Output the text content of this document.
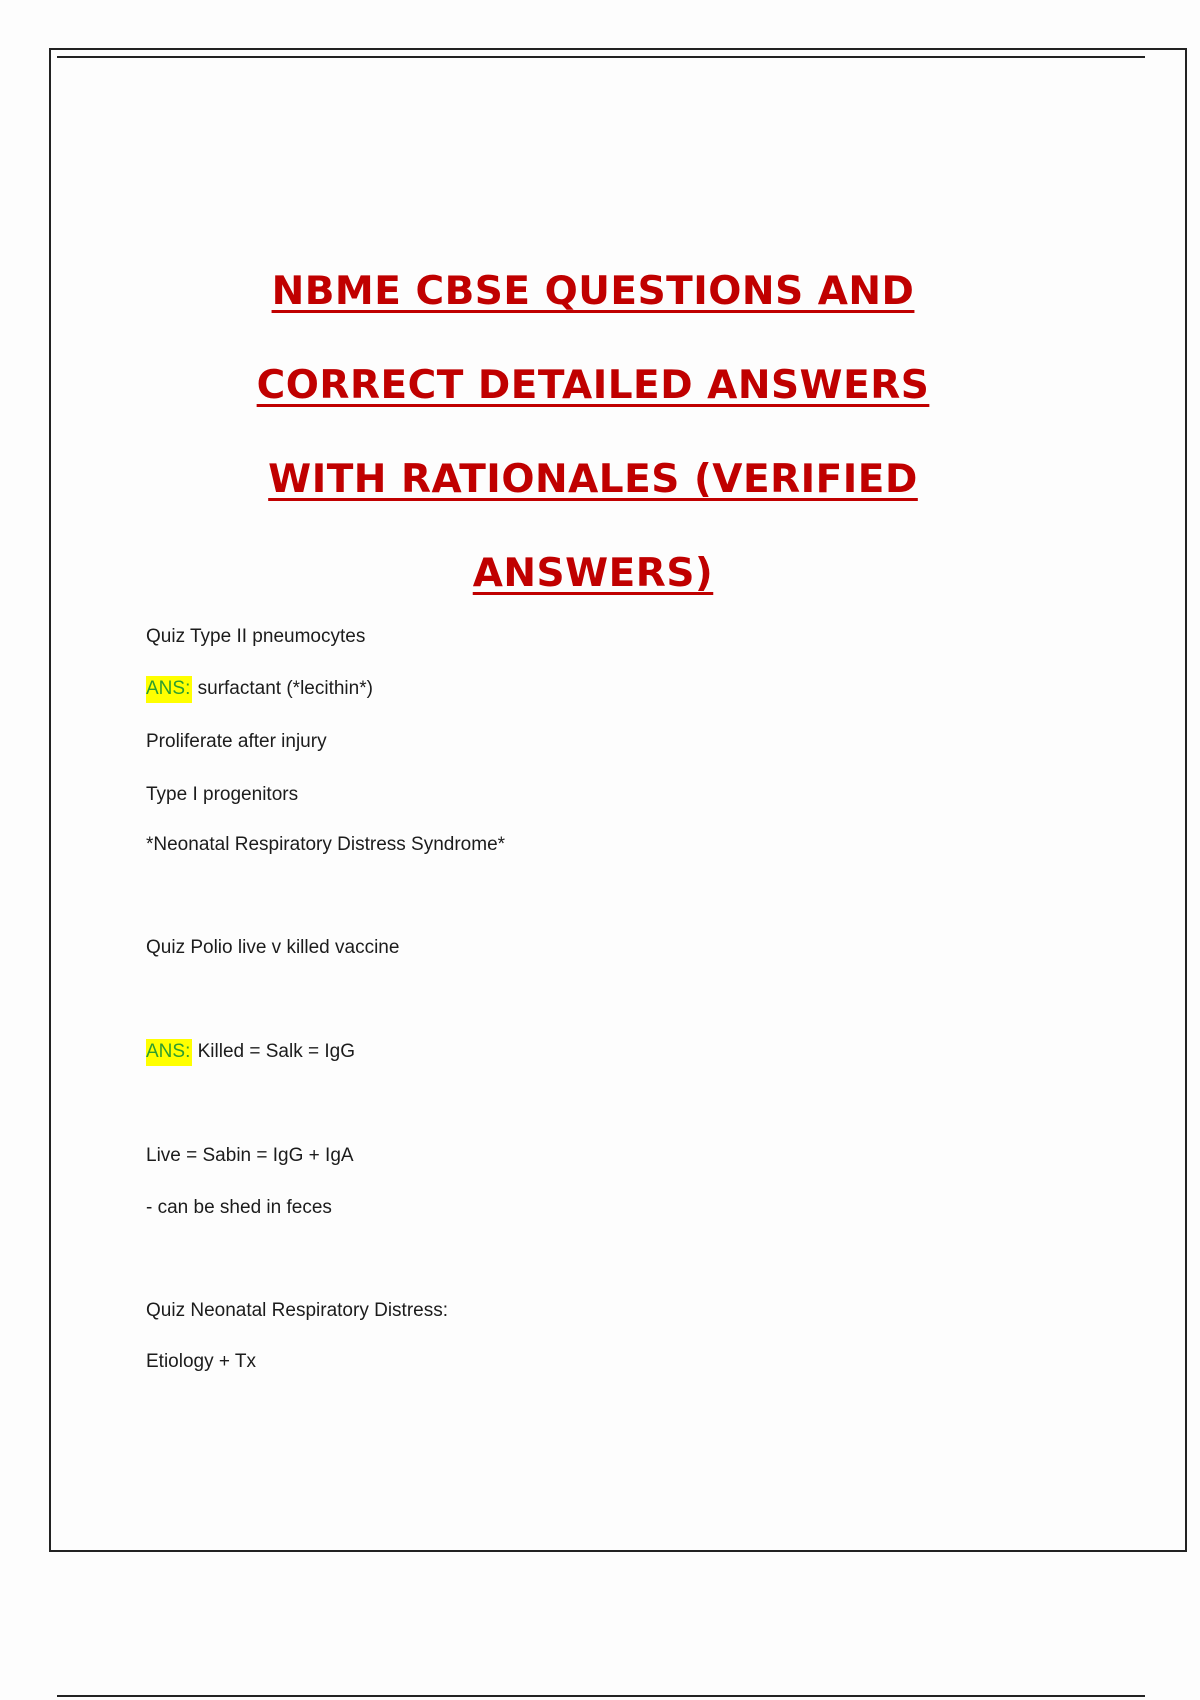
NBME CBSE QUESTIONS AND
CORRECT DETAILED ANSWERS
WITH RATIONALES (VERIFIED
ANSWERS)
Quiz Type II pneumocytes
ANS: surfactant (*lecithin*)
Proliferate after injury
Type I progenitors
*Neonatal Respiratory Distress Syndrome*
Quiz Polio live v killed vaccine
ANS: Killed = Salk = IgG
Live = Sabin = IgG + IgA
- can be shed in feces
Quiz Neonatal Respiratory Distress:
Etiology + Tx
